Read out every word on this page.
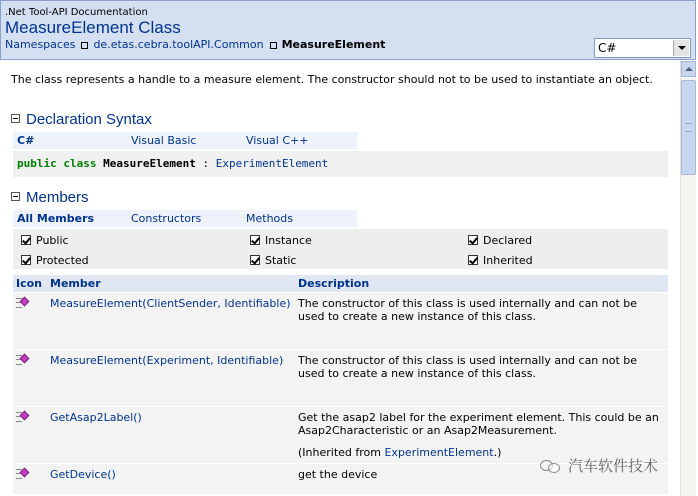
.Net Tool-API Documentation
MeasureElement Class
Namespaces de.etas.cebra.toolAPI.Common MeasureElement	C#
The class represents a handle to a measure element. The constructor should not to be used to instantiate an object.
Declaration Syntax
C#	Visual Basic	Visual C++
public class MeasureElement : ExperimentElement
Members
All Members	Constructors	Methods
Public	Instance	Declared
Protected	Static	Inherited
Icon	Member	Description

	MeasureElement(ClientSender, Identifiable)	The constructor of this class is used internally and can not be used to create a new instance of this class.

	MeasureElement(Experiment, Identifiable)	The constructor of this class is used internally and can not be used to create a new instance of this class.

	GetAsap2Label()	Get the asap2 label for the experiment element. This could be an Asap2Characteristic or an Asap2Measurement.
(Inherited from ExperimentElement.)

	GetDevice()	get the device	汽车软件技术
